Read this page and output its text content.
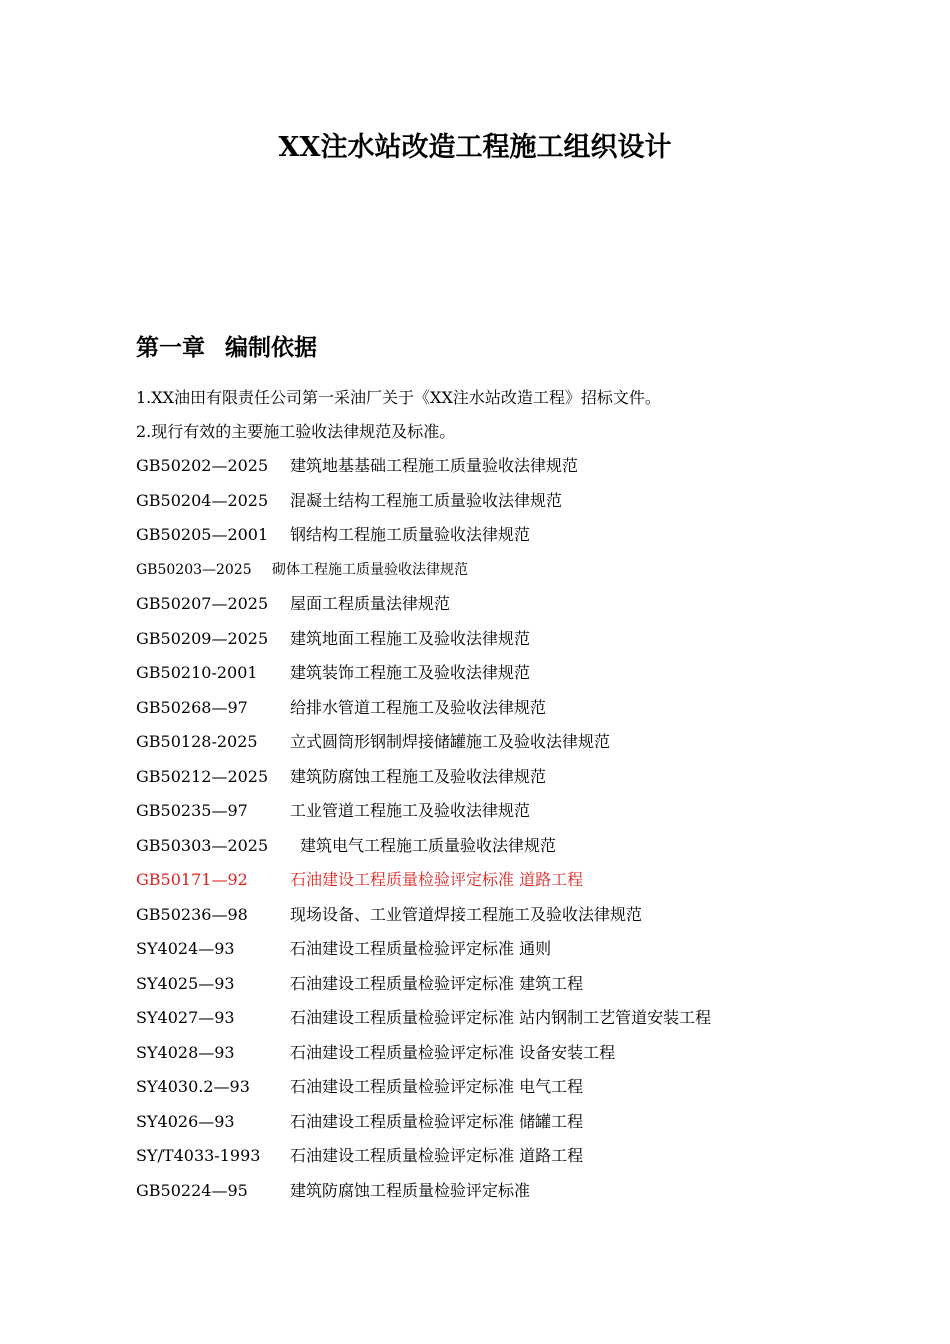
XX注水站改造工程施工组织设计
第一章 编制依据
1.XX油田有限责任公司第一采油厂关于《XX注水站改造工程》招标文件。
2.现行有效的主要施工验收法律规范及标准。
GB50202—2025 建筑地基基础工程施工质量验收法律规范
GB50204—2025 混凝土结构工程施工质量验收法律规范
GB50205—2001 钢结构工程施工质量验收法律规范
GB50203—2025 砌体工程施工质量验收法律规范
GB50207—2025 屋面工程质量法律规范
GB50209—2025 建筑地面工程施工及验收法律规范
GB50210-2001 建筑装饰工程施工及验收法律规范
GB50268—97	给排水管道工程施工及验收法律规范
GB50128-2025 立式圆筒形钢制焊接储罐施工及验收法律规范
GB50212—2025 建筑防腐蚀工程施工及验收法律规范
GB50235—97	工业管道工程施工及验收法律规范
GB50303—2025 建筑电气工程施工质量验收法律规范
GB50171—92	石油建设工程质量检验评定标准 道路工程
GB50236—98	现场设备、工业管道焊接工程施工及验收法律规范
SY4024—93	石油建设工程质量检验评定标准 通则
SY4025—93	石油建设工程质量检验评定标准 建筑工程
SY4027—93	石油建设工程质量检验评定标准 站内钢制工艺管道安装工程
SY4028—93	石油建设工程质量检验评定标准 设备安装工程
SY4030.2—93	石油建设工程质量检验评定标准 电气工程
SY4026—93	石油建设工程质量检验评定标准 储罐工程
SY/T4033-1993 石油建设工程质量检验评定标准 道路工程
GB50224—95	建筑防腐蚀工程质量检验评定标准
